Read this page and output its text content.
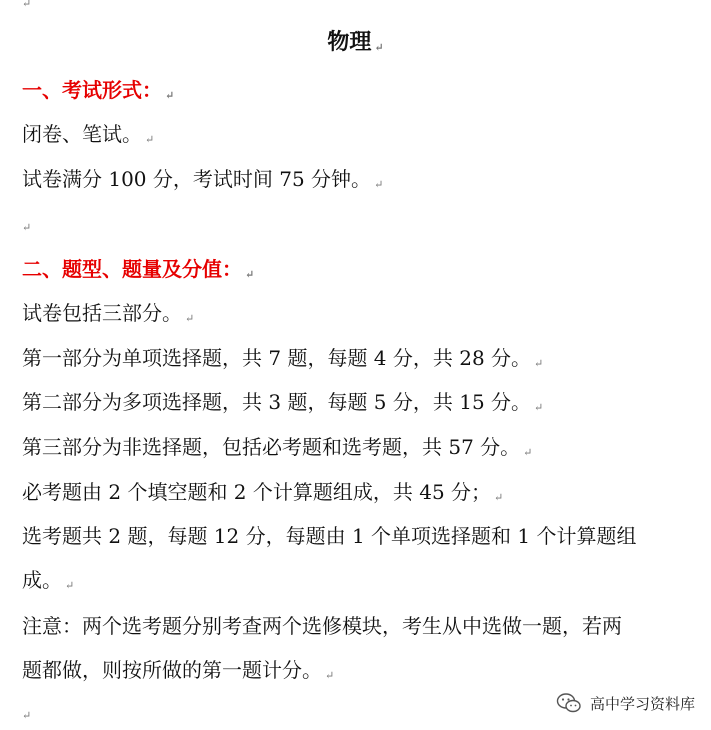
↵
物理 ↵
一、考试形式： ↵
闭卷、笔试。 ↵
试卷满分 100 分，考试时间 75 分钟。 ↵
↵
二、题型、题量及分值： ↵
试卷包括三部分。 ↵
第一部分为单项选择题，共 7 题，每题 4 分，共 28 分。 ↵
第二部分为多项选择题，共 3 题，每题 5 分，共 15 分。 ↵
第三部分为非选择题，包括必考题和选考题，共 57 分。 ↵
必考题由 2 个填空题和 2 个计算题组成，共 45 分； ↵
选考题共 2 题，每题 12 分，每题由 1 个单项选择题和 1 个计算题组
成。 ↵
注意：两个选考题分别考查两个选修模块，考生从中选做一题，若两
题都做，则按所做的第一题计分。 ↵
↵
高中学习资料库
